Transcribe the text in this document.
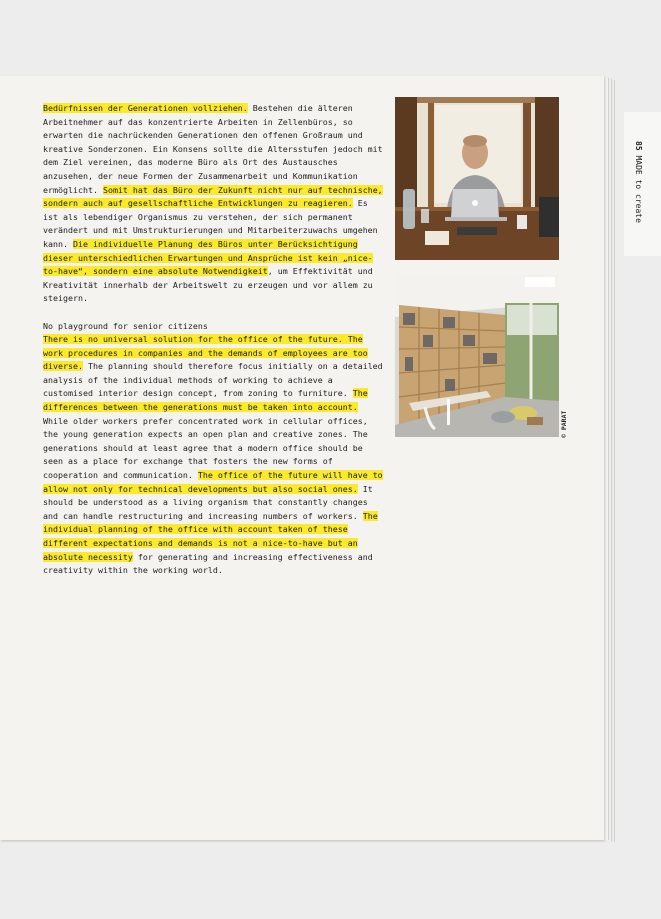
Bedürfnissen der Generationen vollziehen. Bestehen die älteren Arbeitnehmer auf das konzentrierte Arbeiten in Zellenbüros, so erwarten die nachrückenden Generationen den offenen Großraum und kreative Sonderzonen. Ein Konsens sollte die Altersstufen jedoch mit dem Ziel vereinen, das moderne Büro als Ort des Austausches anzusehen, der neue Formen der Zusammenarbeit und Kommunikation ermöglicht. Somit hat das Büro der Zukunft nicht nur auf technische, sondern auch auf gesellschaftliche Entwicklungen zu reagieren. Es ist als lebendiger Organismus zu verstehen, der sich permanent verändert und mit Umstrukturierungen und Mitarbeiterzuwachs umgehen kann. Die individuelle Planung des Büros unter Berücksichtigung dieser unterschiedlichen Erwartungen und Ansprüche ist kein „nice-to-have“, sondern eine absolute Notwendigkeit, um Effektivität und Kreativität innerhalb der Arbeitswelt zu erzeugen und vor allem zu steigern.

No playground for senior citizens

There is no universal solution for the office of the future. The work procedures in companies and the demands of employees are too diverse. The planning should therefore focus initially on a detailed analysis of the individual methods of working to achieve a customised interior design concept, from zoning to furniture. The differences between the generations must be taken into account. While older workers prefer concentrated work in cellular offices, the young generation expects an open plan and creative zones. The generations should at least agree that a modern office should be seen as a place for exchange that fosters the new forms of cooperation and communication. The office of the future will have to allow not only for technical developments but also social ones. It should be understood as a living organism that constantly changes and can handle restructuring and increasing numbers of workers. The individual planning of the office with account taken of these different expectations and demands is not a nice-to-have but an absolute necessity for generating and increasing effectiveness and creativity within the working world.

© PARAT
85 MADE to create
